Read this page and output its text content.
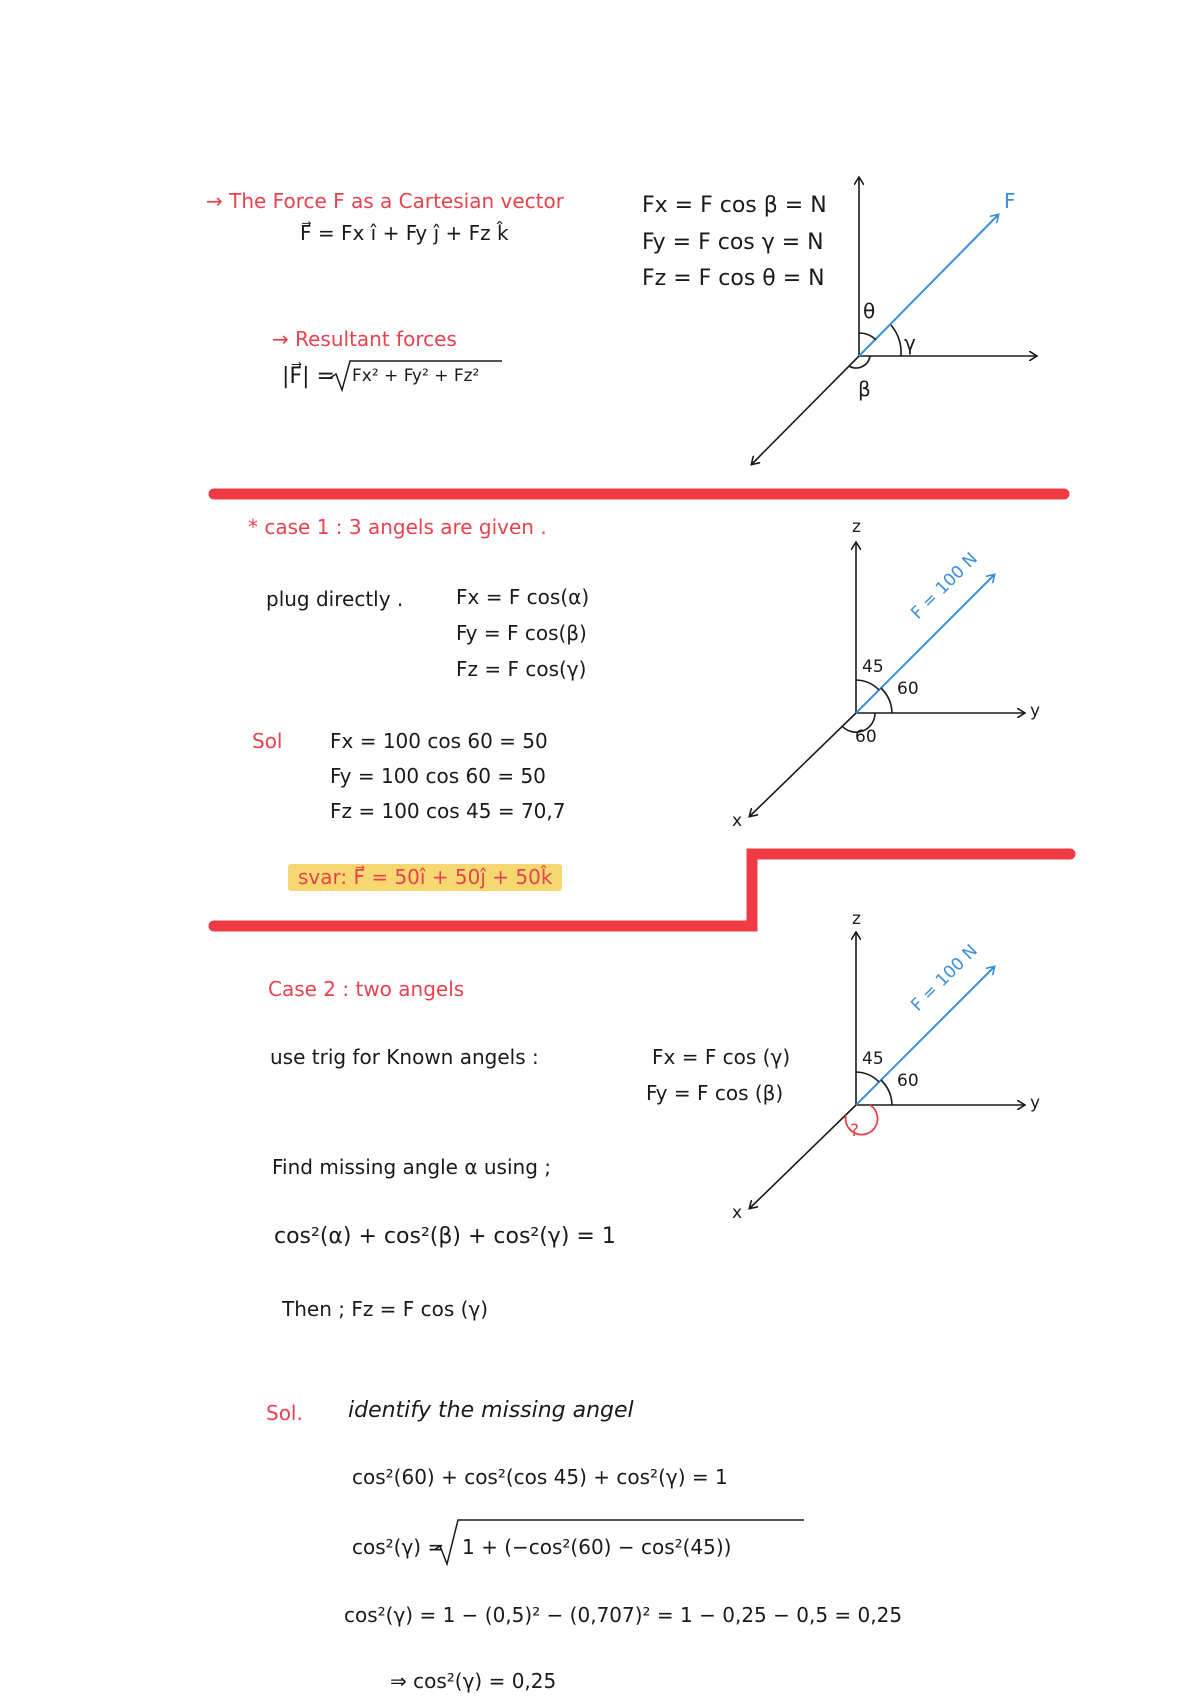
→ The Force F as a Cartesian vector
F⃗ = Fx î + Fy ĵ + Fz k̂
Fx = F cos β = N
Fy = F cos γ = N
Fz = F cos θ = N
→ Resultant forces
|F⃗| = Fx² + Fy² + Fz²
F
θ
γ
β
* case 1 : 3 angels are given .
plug directly .	Fx = F cos(α)
Fy = F cos(β)
Fz = F cos(γ)
Sol Fx = 100 cos 60 = 50
Fy = 100 cos 60 = 50
Fz = 100 cos 45 = 70,7
svar: F⃗ = 50î + 50ĵ + 50k̂
z
y
x
F = 100 N
45
60
60
Case 2 : two angels
use trig for Known angels :	Fx = F cos (γ)
Fy = F cos (β)
Find missing angle α using ;
cos²(α) + cos²(β) + cos²(γ) = 1
Then ; Fz = F cos (γ)
Sol. identify the missing angel
cos²(60) + cos²(cos 45) + cos²(γ) = 1
cos²(γ) = 1 + (−cos²(60) − cos²(45))
cos²(γ) = 1 − (0,5)² − (0,707)² = 1 − 0,25 − 0,5 = 0,25
⇒ cos²(γ) = 0,25
z
y
x
F = 100 N
45
60
?
